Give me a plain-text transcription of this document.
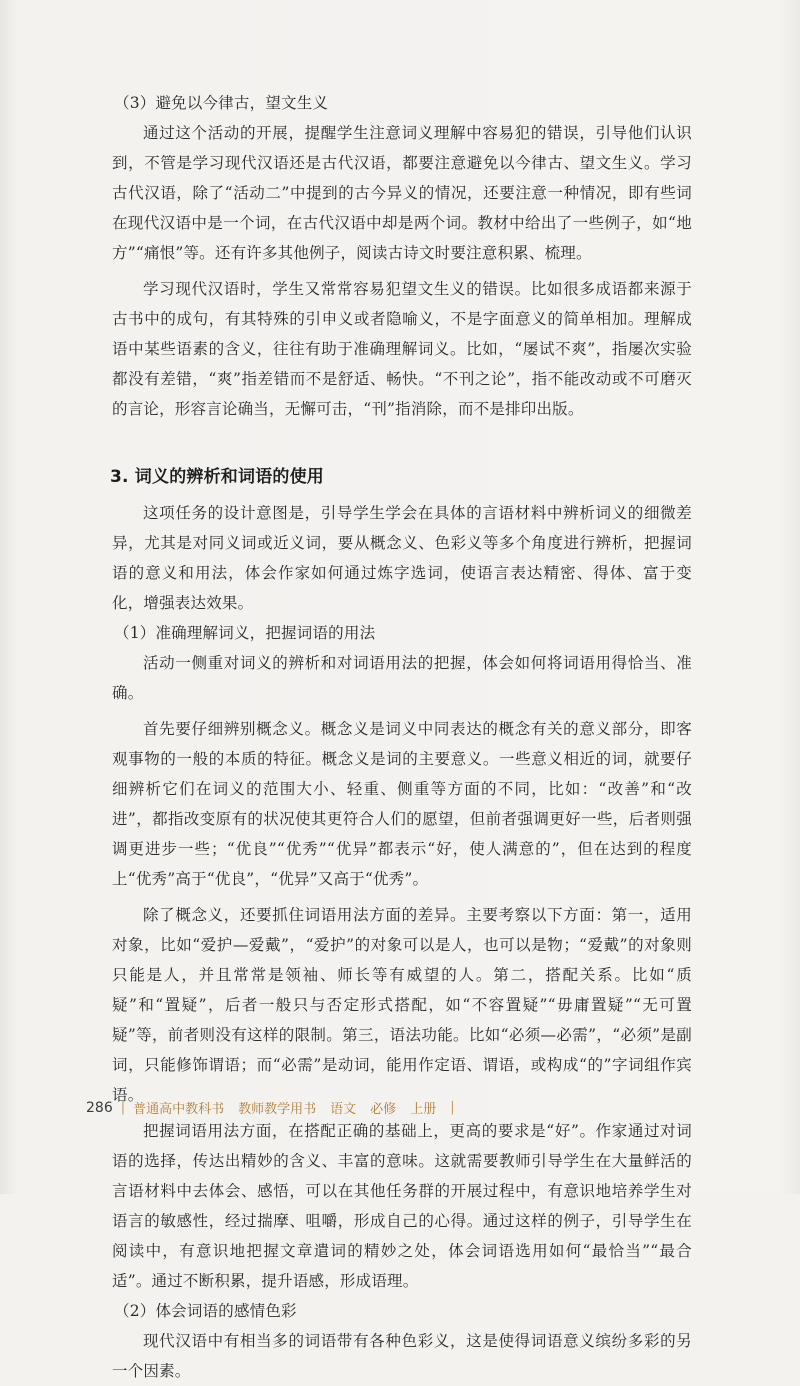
（3）避免以今律古，望文生义

通过这个活动的开展，提醒学生注意词义理解中容易犯的错误，引导他们认识到，不管是学习现代汉语还是古代汉语，都要注意避免以今律古、望文生义。学习古代汉语，除了“活动二”中提到的古今异义的情况，还要注意一种情况，即有些词在现代汉语中是一个词，在古代汉语中却是两个词。教材中给出了一些例子，如“地方”“痛恨”等。还有许多其他例子，阅读古诗文时要注意积累、梳理。

学习现代汉语时，学生又常常容易犯望文生义的错误。比如很多成语都来源于古书中的成句，有其特殊的引申义或者隐喻义，不是字面意义的简单相加。理解成语中某些语素的含义，往往有助于准确理解词义。比如，“屡试不爽”，指屡次实验都没有差错，“爽”指差错而不是舒适、畅快。“不刊之论”，指不能改动或不可磨灭的言论，形容言论确当，无懈可击，“刊”指消除，而不是排印出版。

3. 词义的辨析和词语的使用

这项任务的设计意图是，引导学生学会在具体的言语材料中辨析词义的细微差异，尤其是对同义词或近义词，要从概念义、色彩义等多个角度进行辨析，把握词语的意义和用法，体会作家如何通过炼字选词，使语言表达精密、得体、富于变化，增强表达效果。

（1）准确理解词义，把握词语的用法

活动一侧重对词义的辨析和对词语用法的把握，体会如何将词语用得恰当、准确。

首先要仔细辨别概念义。概念义是词义中同表达的概念有关的意义部分，即客观事物的一般的本质的特征。概念义是词的主要意义。一些意义相近的词，就要仔细辨析它们在词义的范围大小、轻重、侧重等方面的不同，比如：“改善”和“改进”，都指改变原有的状况使其更符合人们的愿望，但前者强调更好一些，后者则强调更进步一些；“优良”“优秀”“优异”都表示“好，使人满意的”，但在达到的程度上“优秀”高于“优良”，“优异”又高于“优秀”。

除了概念义，还要抓住词语用法方面的差异。主要考察以下方面：第一，适用对象，比如“爱护—爱戴”，“爱护”的对象可以是人，也可以是物；“爱戴”的对象则只能是人，并且常常是领袖、师长等有威望的人。第二，搭配关系。比如“质疑”和“置疑”，后者一般只与否定形式搭配，如“不容置疑”“毋庸置疑”“无可置疑”等，前者则没有这样的限制。第三，语法功能。比如“必须—必需”，“必须”是副词，只能修饰谓语；而“必需”是动词，能用作定语、谓语，或构成“的”字词组作宾语。

把握词语用法方面，在搭配正确的基础上，更高的要求是“好”。作家通过对词语的选择，传达出精妙的含义、丰富的意味。这就需要教师引导学生在大量鲜活的言语材料中去体会、感悟，可以在其他任务群的开展过程中，有意识地培养学生对语言的敏感性，经过揣摩、咀嚼，形成自己的心得。通过这样的例子，引导学生在阅读中，有意识地把握文章遣词的精妙之处，体会词语选用如何“最恰当”“最合适”。通过不断积累，提升语感，形成语理。

（2）体会词语的感情色彩

现代汉语中有相当多的词语带有各种色彩义，这是使得词语意义缤纷多彩的另一个因素。

286 | 普通高中教科书 教师教学用书 语文 必修 上册 |
